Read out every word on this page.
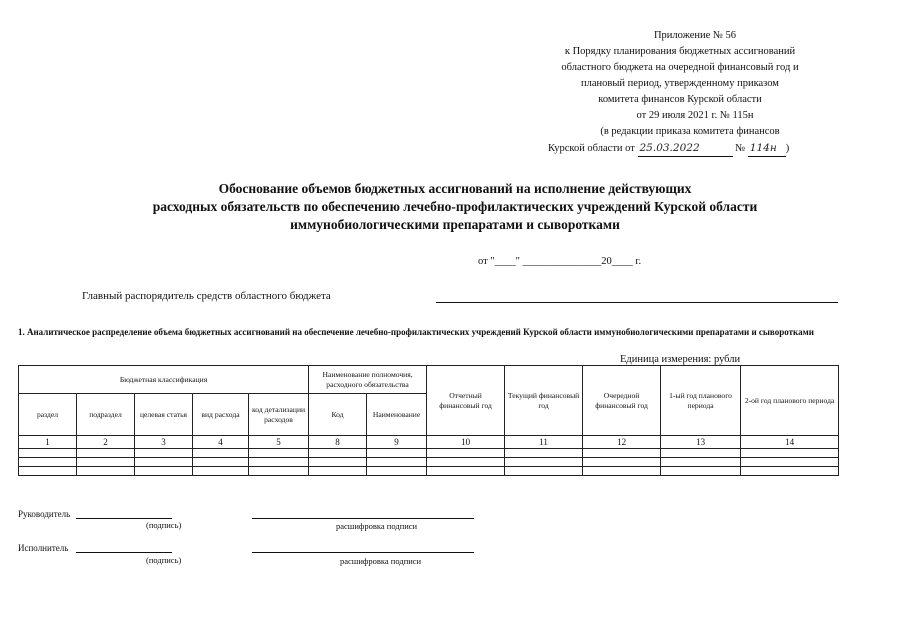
Приложение № 56
к Порядку планирования бюджетных ассигнований
областного бюджета на очередной финансовый год и
плановый период, утвержденному приказом
комитета финансов Курской области
от 29 июля 2021 г. № 115н
(в редакции приказа комитета финансов
Курской области от 25.03.2022	№ 114н )
Обоснование объемов бюджетных ассигнований на исполнение действующих
расходных обязательств по обеспечению лечебно-профилактических учреждений Курской области
иммунобиологическими препаратами и сыворотками
от "____" _______________20____ г.
Главный распорядитель средств областного бюджета
1. Аналитическое распределение объема бюджетных ассигнований на обеспечение лечебно-профилактических учреждений Курской области иммунобиологическими препаратами и сыворотками
Единица измерения: рубли
Бюджетная классификация					Наименование полномочия, расходного обязательства		Отчетный финансовый год	Текущий финансовый год	Очередной финансовый год	1-ый год планового периода	2-ой год планового периода
раздел	подраздел	целевая статья	вид расхода	код детализации расходов	Код	Наименование					
1	2	3	4	5	8	9	10	11	12	13	14

Руководитель
(подпись)	расшифровка подписи
Исполнитель
(подпись)	расшифровка подписи
